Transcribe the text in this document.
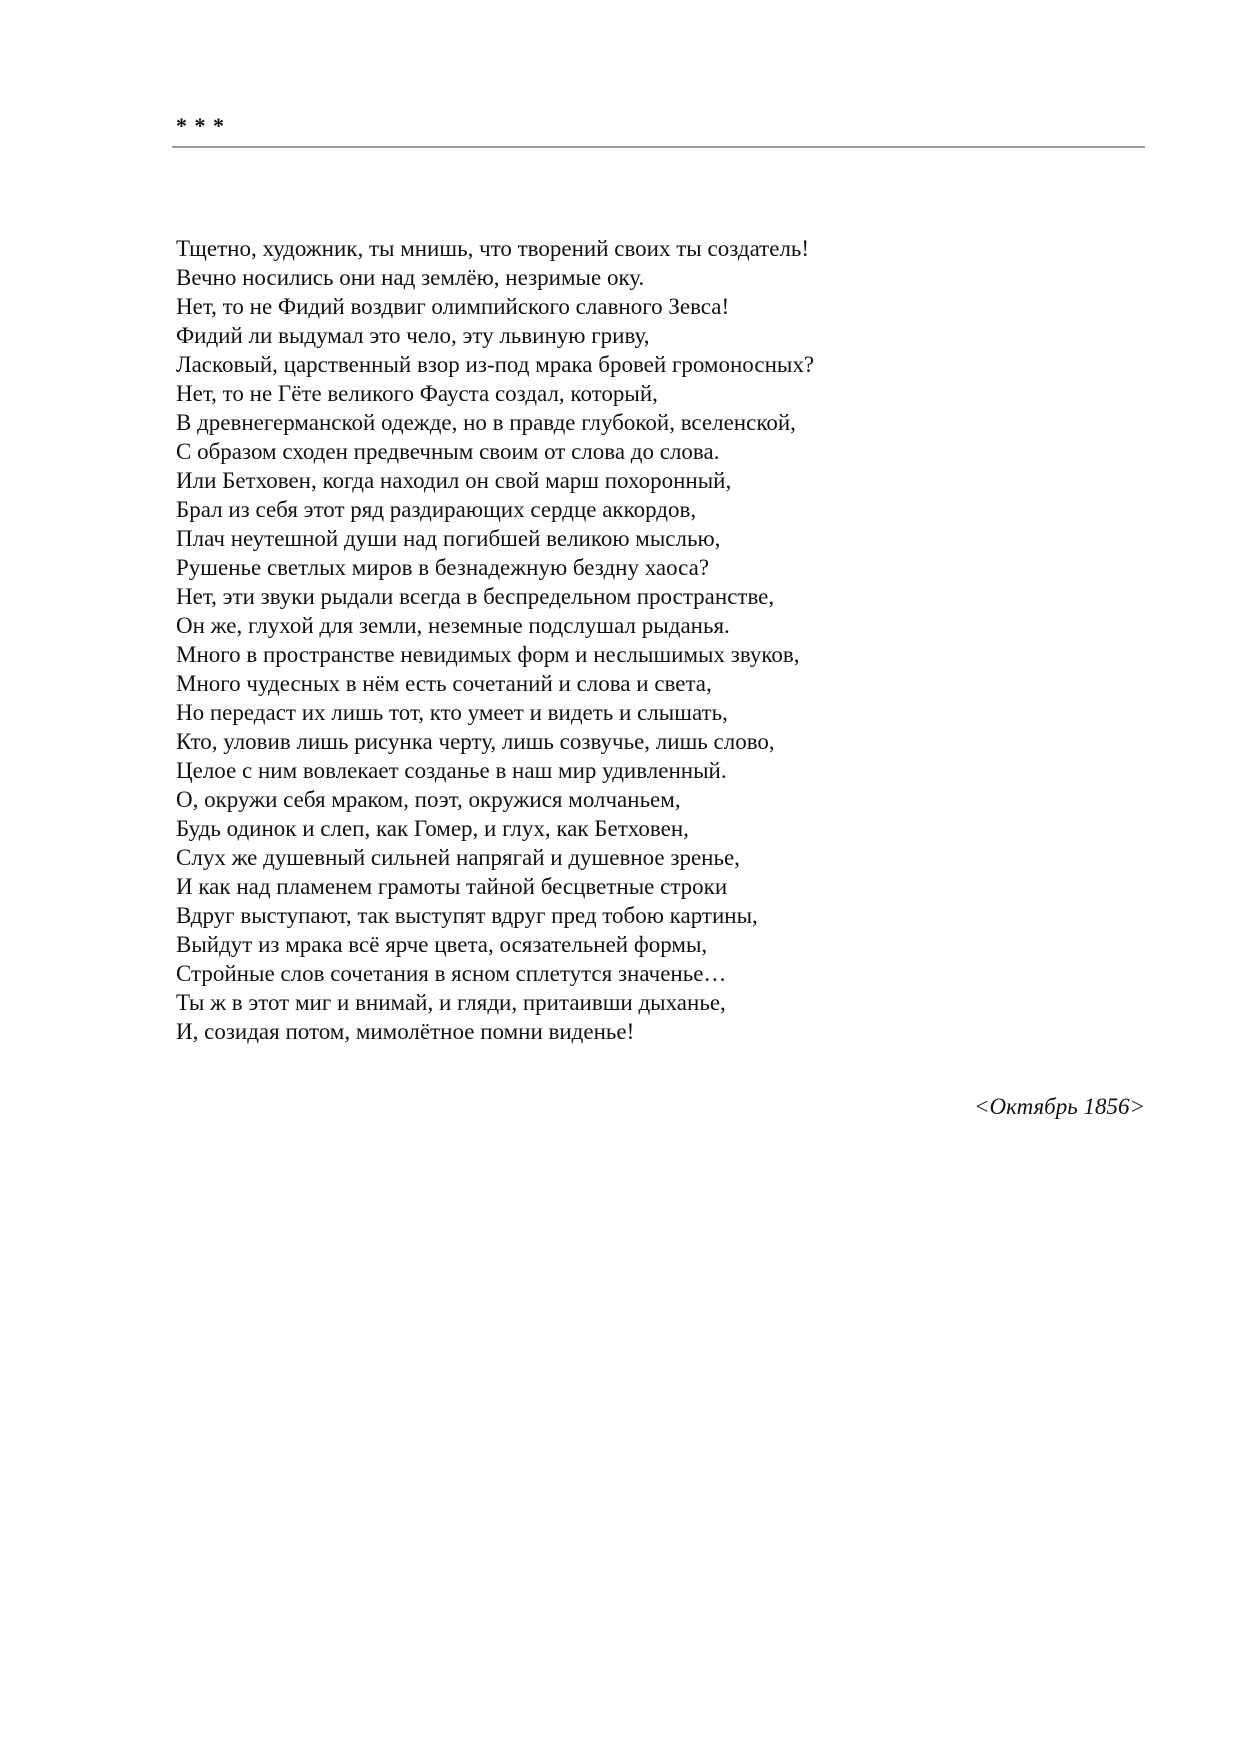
* * *
Тщетно, художник, ты мнишь, что творений своих ты создатель!
Вечно носились они над землёю, незримые оку.
Нет, то не Фидий воздвиг олимпийского славного Зевса!
Фидий ли выдумал это чело, эту львиную гриву,
Ласковый, царственный взор из-под мрака бровей громоносных?
Нет, то не Гёте великого Фауста создал, который,
В древнегерманской одежде, но в правде глубокой, вселенской,
С образом сходен предвечным своим от слова до слова.
Или Бетховен, когда находил он свой марш похоронный,
Брал из себя этот ряд раздирающих сердце аккордов,
Плач неутешной души над погибшей великою мыслью,
Рушенье светлых миров в безнадежную бездну хаоса?
Нет, эти звуки рыдали всегда в беспредельном пространстве,
Он же, глухой для земли, неземные подслушал рыданья.
Много в пространстве невидимых форм и неслышимых звуков,
Много чудесных в нём есть сочетаний и слова и света,
Но передаст их лишь тот, кто умеет и видеть и слышать,
Кто, уловив лишь рисунка черту, лишь созвучье, лишь слово,
Целое с ним вовлекает созданье в наш мир удивленный.
О, окружи себя мраком, поэт, окружися молчаньем,
Будь одинок и слеп, как Гомер, и глух, как Бетховен,
Слух же душевный сильней напрягай и душевное зренье,
И как над пламенем грамоты тайной бесцветные строки
Вдруг выступают, так выступят вдруг пред тобою картины,
Выйдут из мрака всё ярче цвета, осязательней формы,
Стройные слов сочетания в ясном сплетутся значенье…
Ты ж в этот миг и внимай, и гляди, притаивши дыханье,
И, созидая потом, мимолётное помни виденье!

<Октябрь 1856>
